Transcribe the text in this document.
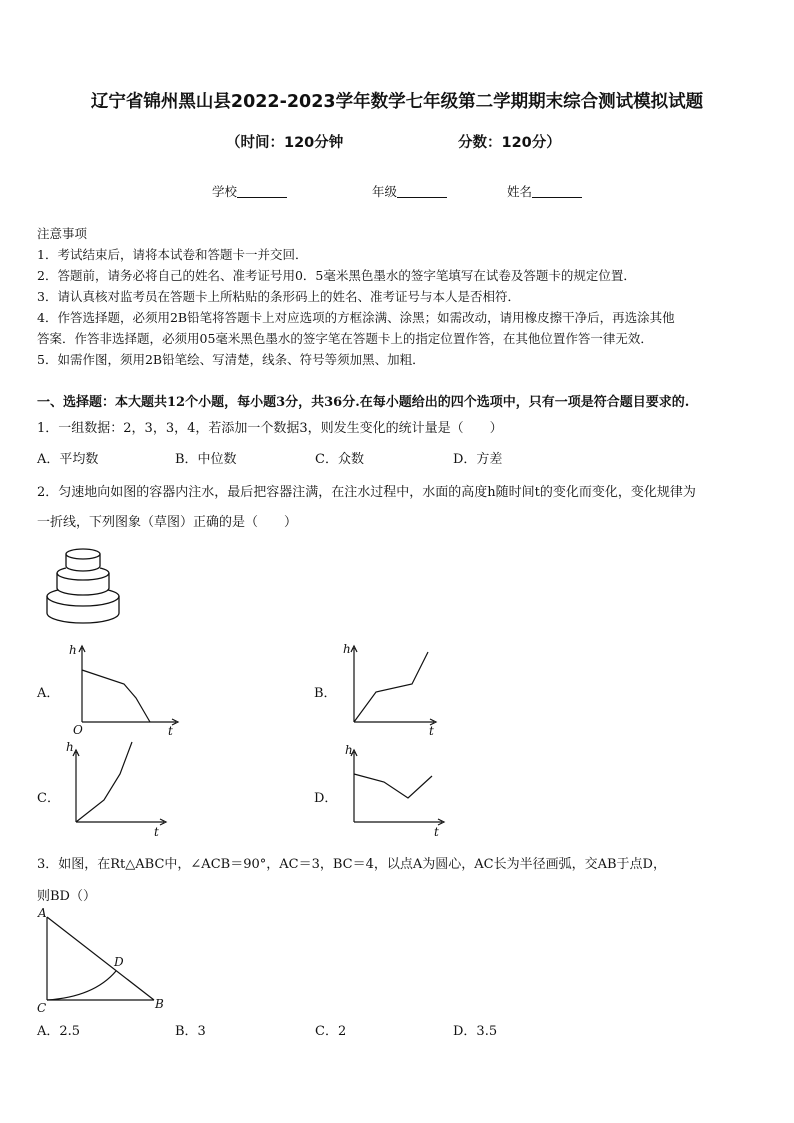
辽宁省锦州黑山县2022-2023学年数学七年级第二学期期末综合测试模拟试题
（时间：120分钟	分数：120分）
学校	年级	姓名
注意事项
1．考试结束后，请将本试卷和答题卡一并交回．
2．答题前，请务必将自己的姓名、准考证号用0．5毫米黑色墨水的签字笔填写在试卷及答题卡的规定位置．
3．请认真核对监考员在答题卡上所粘贴的条形码上的姓名、准考证号与本人是否相符．
4．作答选择题，必须用2B铅笔将答题卡上对应选项的方框涂满、涂黑；如需改动，请用橡皮擦干净后，再选涂其他
答案．作答非选择题，必须用05毫米黑色墨水的签字笔在答题卡上的指定位置作答，在其他位置作答一律无效．
5．如需作图，须用2B铅笔绘、写清楚，线条、符号等须加黑、加粗．
一、选择题：本大题共12个小题，每小题3分，共36分.在每小题给出的四个选项中，只有一项是符合题目要求的.
1．一组数据：2，3，3，4，若添加一个数据3，则发生变化的统计量是（　　）
A．平均数	B．中位数	C．众数	D．方差
2．匀速地向如图的容器内注水，最后把容器注满，在注水过程中，水面的高度h随时间t的变化而变化，变化规律为
一折线，下列图象（草图）正确的是（　　）
A．
h
O	t
B．
h
t
C．
h
t
D．
h
t
3．如图，在Rt△ABC中，∠ACB＝90°，AC＝3，BC＝4，以点A为圆心，AC长为半径画弧，交AB于点D，
则BD（）
A
D
C	B
A．2.5	B．3	C．2	D．3.5
